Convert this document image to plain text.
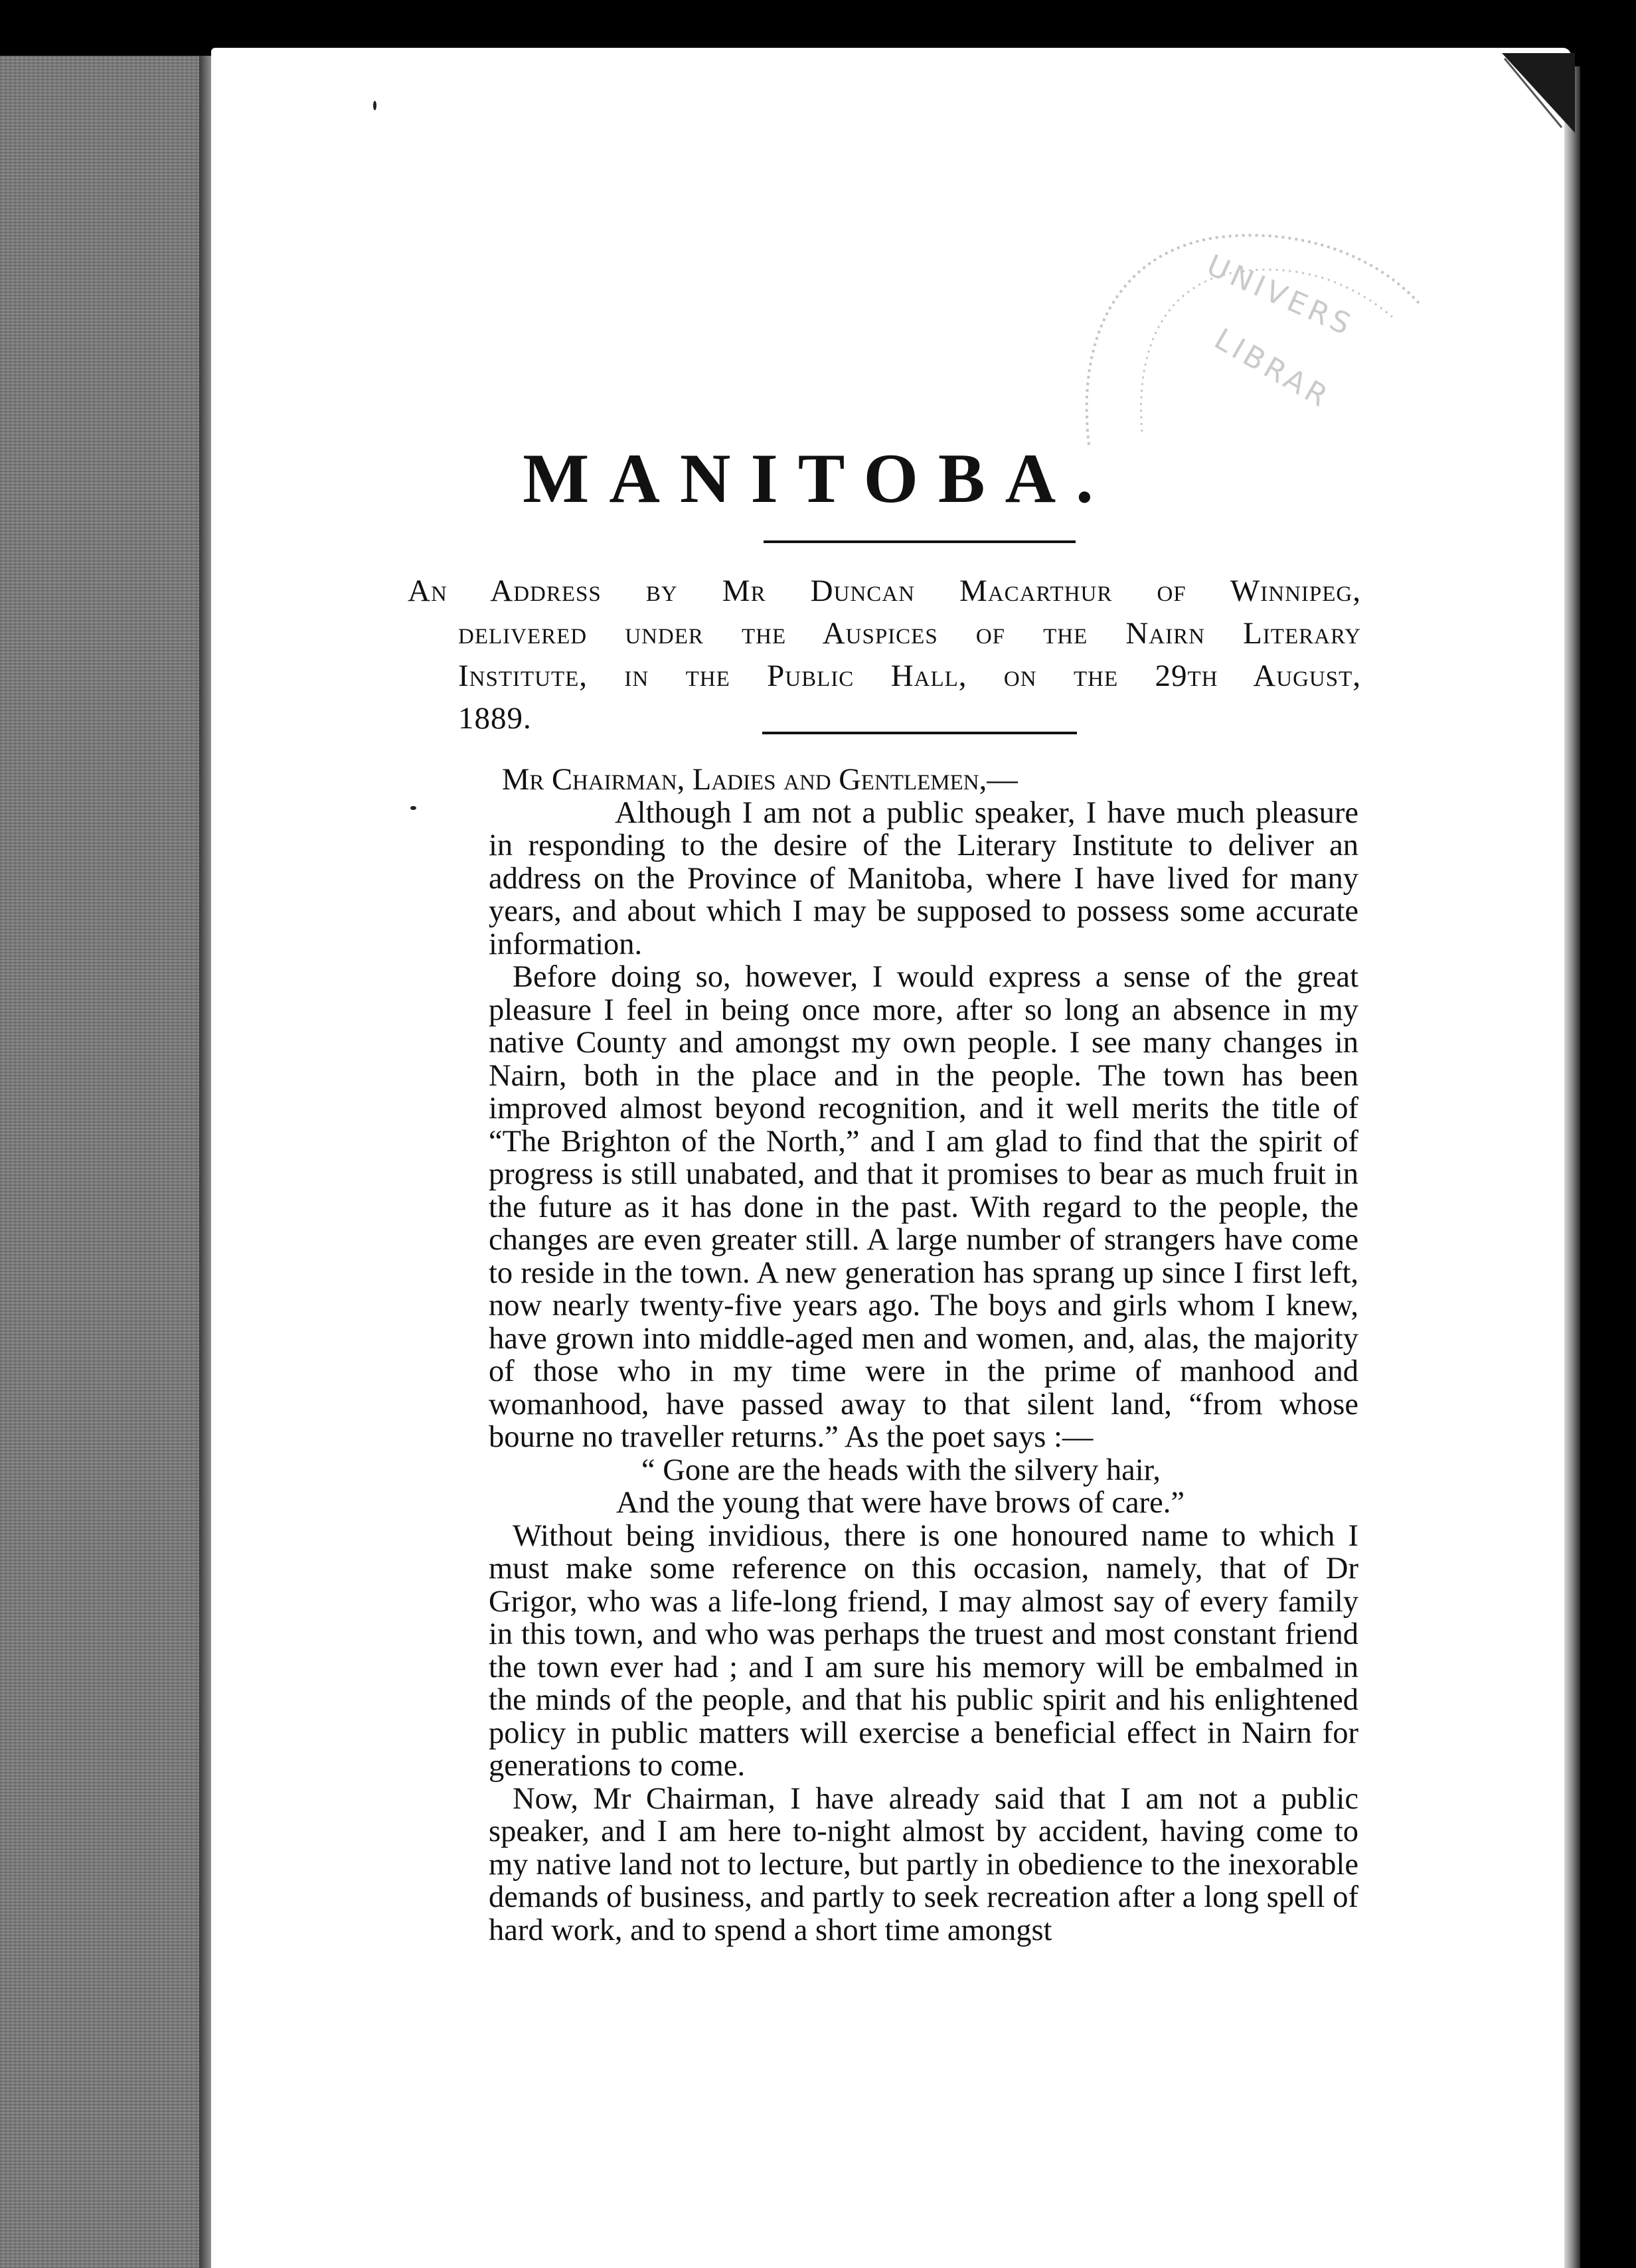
UNIVERS
LIBRAR
MANITOBA.
An Address by Mr Duncan Macarthur of Winnipeg,
delivered under the Auspices of the Nairn Literary
Institute, in the Public Hall, on the 29th August,
1889.
Mr Chairman, Ladies and Gentlemen,—

Although I am not a public speaker, I have much pleasure in responding to the desire of the Literary Institute to deliver an address on the Province of Manitoba, where I have lived for many years, and about which I may be supposed to possess some accurate information.

Before doing so, however, I would express a sense of the great pleasure I feel in being once more, after so long an absence in my native County and amongst my own people. I see many changes in Nairn, both in the place and in the people. The town has been improved almost beyond recognition, and it well merits the title of “The Brighton of the North,” and I am glad to find that the spirit of progress is still unabated, and that it promises to bear as much fruit in the future as it has done in the past. With regard to the people, the changes are even greater still. A large number of strangers have come to reside in the town. A new generation has sprang up since I first left, now nearly twenty-five years ago. The boys and girls whom I knew, have grown into middle-aged men and women, and, alas, the majority of those who in my time were in the prime of manhood and womanhood, have passed away to that silent land, “from whose bourne no traveller returns.” As the poet says :—

“ Gone are the heads with the silvery hair,
And the young that were have brows of care.”

Without being invidious, there is one honoured name to which I must make some reference on this occasion, namely, that of Dr Grigor, who was a life-long friend, I may almost say of every family in this town, and who was perhaps the truest and most constant friend the town ever had ; and I am sure his memory will be embalmed in the minds of the people, and that his public spirit and his enlightened policy in public matters will exercise a beneficial effect in Nairn for generations to come.

Now, Mr Chairman, I have already said that I am not a public speaker, and I am here to-night almost by accident, having come to my native land not to lecture, but partly in obedience to the inexorable demands of business, and partly to seek recreation after a long spell of hard work, and to spend a short time amongst
